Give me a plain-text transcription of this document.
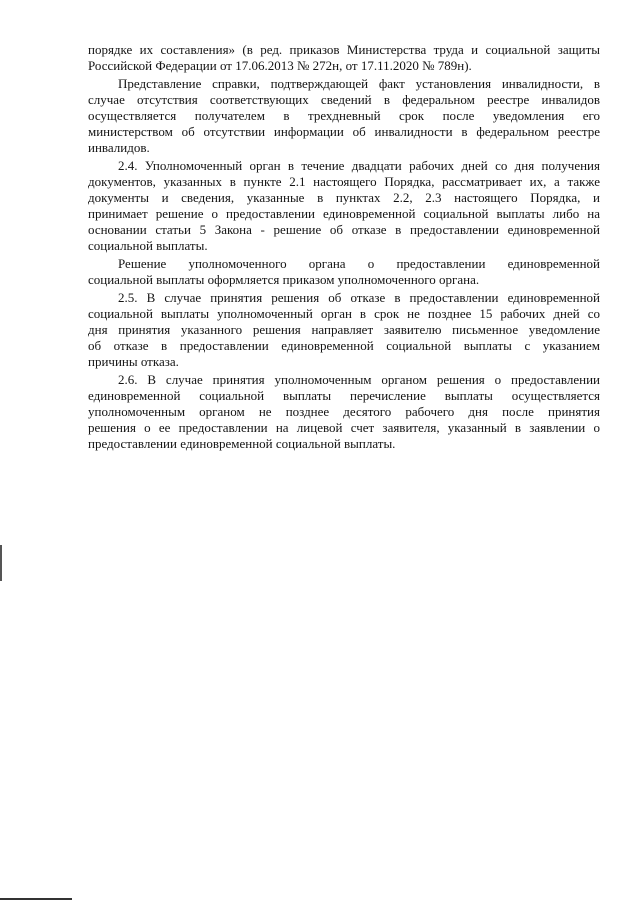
порядке их составления» (в ред. приказов Министерства труда и социальной защиты
Российской Федерации от 17.06.2013 № 272н, от 17.11.2020 № 789н).
Представление справки, подтверждающей факт установления инвалидности, в
случае отсутствия соответствующих сведений в федеральном реестре инвалидов
осуществляется получателем в трехдневный срок после уведомления его
министерством об отсутствии информации об инвалидности в федеральном реестре
инвалидов.
2.4. Уполномоченный орган в течение двадцати рабочих дней со дня получения
документов, указанных в пункте 2.1 настоящего Порядка, рассматривает их, а также
документы и сведения, указанные в пунктах 2.2, 2.3 настоящего Порядка, и
принимает решение о предоставлении единовременной социальной выплаты либо на
основании статьи 5 Закона - решение об отказе в предоставлении единовременной
социальной выплаты.
Решение уполномоченного органа о предоставлении единовременной
социальной выплаты оформляется приказом уполномоченного органа.
2.5. В случае принятия решения об отказе в предоставлении единовременной
социальной выплаты уполномоченный орган в срок не позднее 15 рабочих дней со
дня принятия указанного решения направляет заявителю письменное уведомление
об отказе в предоставлении единовременной социальной выплаты с указанием
причины отказа.
2.6. В случае принятия уполномоченным органом решения о предоставлении
единовременной социальной выплаты перечисление выплаты осуществляется
уполномоченным органом не позднее десятого рабочего дня после принятия
решения о ее предоставлении на лицевой счет заявителя, указанный в заявлении о
предоставлении единовременной социальной выплаты.
